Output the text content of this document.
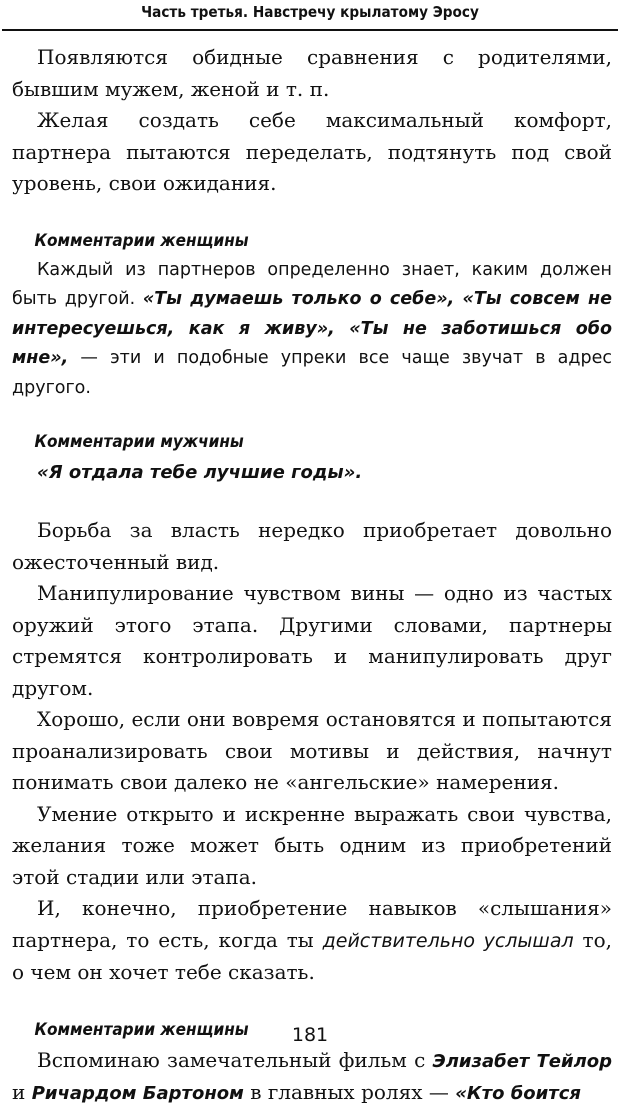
Часть третья. Навстречу крылатому Эросу

Появляются обидные сравнения с родителями, бывшим мужем, женой и т. п.

Желая создать себе максимальный комфорт, партнера пытаются переделать, подтянуть под свой уровень, свои ожидания.

Комментарии женщины

Каждый из партнеров определенно знает, каким должен быть другой. «Ты думаешь только о себе», «Ты совсем не интересуешься, как я живу», «Ты не заботишься обо мне», — эти и подобные упреки все чаще звучат в адрес другого.

Комментарии мужчины

«Я отдала тебе лучшие годы».

Борьба за власть нередко приобретает довольно ожесточенный вид.

Манипулирование чувством вины — одно из частых оружий этого этапа. Другими словами, партнеры стремятся контролировать и манипулировать друг другом.

Хорошо, если они вовремя остановятся и попытаются проанализировать свои мотивы и действия, начнут понимать свои далеко не «ангельские» намерения.

Умение открыто и искренне выражать свои чувства, желания тоже может быть одним из приобретений этой стадии или этапа.

И, конечно, приобретение навыков «слышания» партнера, то есть, когда ты действительно услышал то, о чем он хочет тебе сказать.

Комментарии женщины

Вспоминаю замечательный фильм с Элизабет Тейлор и Ричардом Бартоном в главных ролях — «Кто боится

181
